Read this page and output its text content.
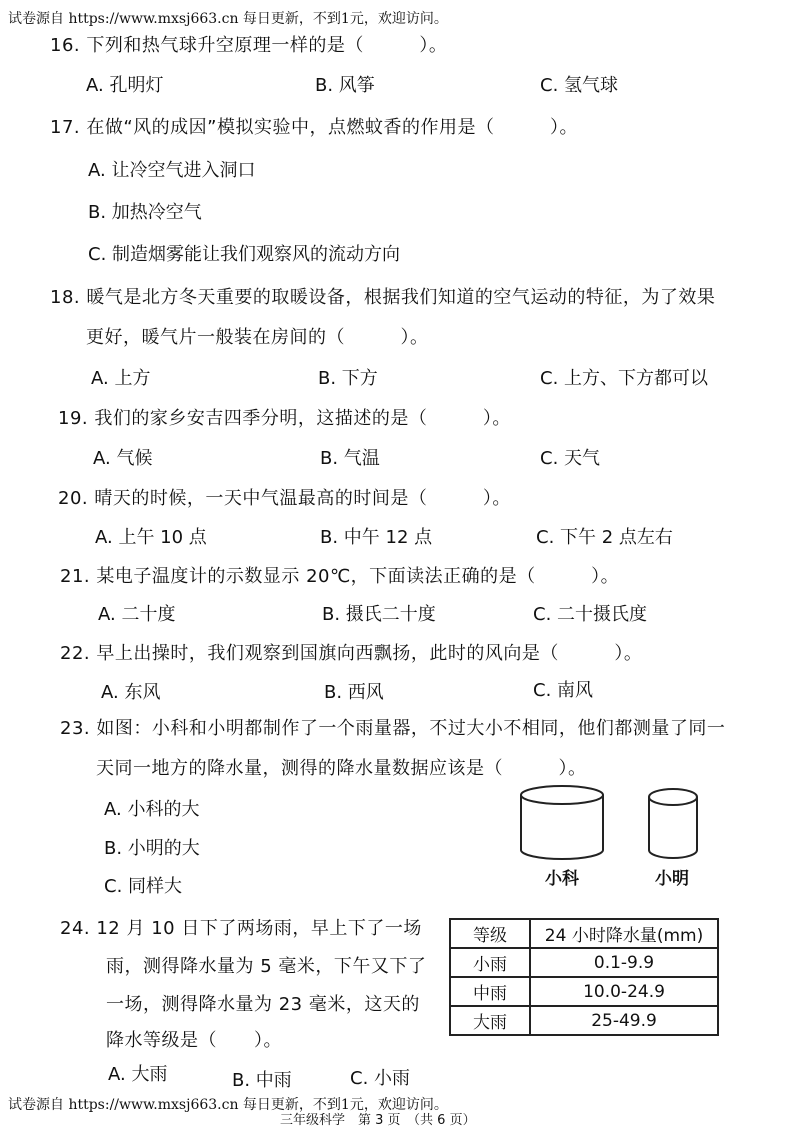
试卷源自 https://www.mxsj663.cn 每日更新，不到1元，欢迎访问。
16. 下列和热气球升空原理一样的是（　　　）。
A. 孔明灯	B. 风筝	C. 氢气球
17. 在做“风的成因”模拟实验中，点燃蚊香的作用是（　　　）。
A. 让冷空气进入洞口
B. 加热冷空气
C. 制造烟雾能让我们观察风的流动方向
18. 暖气是北方冬天重要的取暖设备，根据我们知道的空气运动的特征，为了效果
更好，暖气片一般装在房间的（　　　）。
A. 上方	B. 下方	C. 上方、下方都可以
19. 我们的家乡安吉四季分明，这描述的是（　　　）。
A. 气候	B. 气温	C. 天气
20. 晴天的时候，一天中气温最高的时间是（　　　）。
A. 上午 10 点	B. 中午 12 点	C. 下午 2 点左右
21. 某电子温度计的示数显示 20℃，下面读法正确的是（　　　）。
A. 二十度	B. 摄氏二十度	C. 二十摄氏度
22. 早上出操时，我们观察到国旗向西飘扬，此时的风向是（　　　）。
A. 东风	B. 西风	C. 南风
23. 如图：小科和小明都制作了一个雨量器，不过大小不相同，他们都测量了同一
天同一地方的降水量，测得的降水量数据应该是（　　　）。
A. 小科的大
B. 小明的大
C. 同样大	小科	小明
24. 12 月 10 日下了两场雨，早上下了一场
雨，测得降水量为 5 毫米，下午又下了
一场，测得降水量为 23 毫米，这天的
降水等级是（　　）。
A. 大雨	B. 中雨	C. 小雨
等级	24 小时降水量(mm)
小雨	0.1-9.9
中雨	10.0-24.9
大雨	25-49.9
试卷源自 https://www.mxsj663.cn 每日更新，不到1元，欢迎访问。
三年级科学　第 3 页　（共 6 页）
